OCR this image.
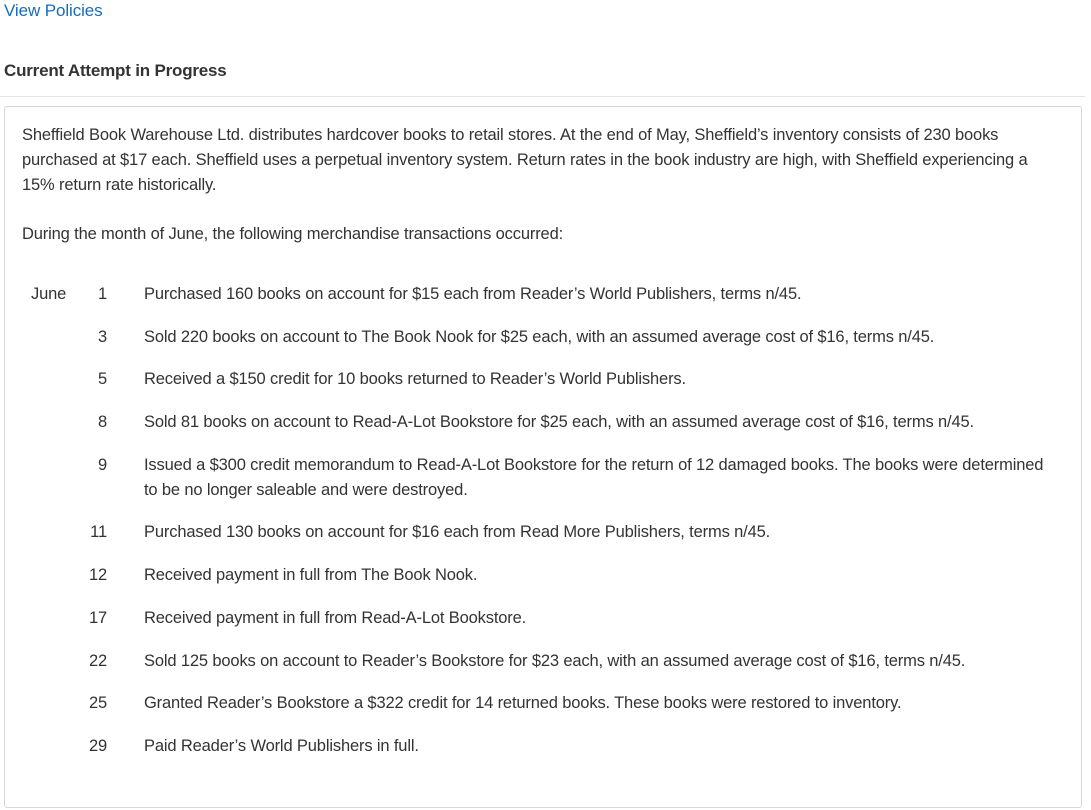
View Policies
Current Attempt in Progress
Sheffield Book Warehouse Ltd. distributes hardcover books to retail stores. At the end of May, Sheffield’s inventory consists of 230 books purchased at $17 each. Sheffield uses a perpetual inventory system. Return rates in the book industry are high, with Sheffield experiencing a 15% return rate historically.
During the month of June, the following merchandise transactions occurred:
June	1 Purchased 160 books on account for $15 each from Reader’s World Publishers, terms n/45.
3 Sold 220 books on account to The Book Nook for $25 each, with an assumed average cost of $16, terms n/45.
5 Received a $150 credit for 10 books returned to Reader’s World Publishers.
8 Sold 81 books on account to Read-A-Lot Bookstore for $25 each, with an assumed average cost of $16, terms n/45.
9 Issued a $300 credit memorandum to Read-A-Lot Bookstore for the return of 12 damaged books. The books were determined to be no longer saleable and were destroyed.
11 Purchased 130 books on account for $16 each from Read More Publishers, terms n/45.
12 Received payment in full from The Book Nook.
17 Received payment in full from Read-A-Lot Bookstore.
22 Sold 125 books on account to Reader’s Bookstore for $23 each, with an assumed average cost of $16, terms n/45.
25 Granted Reader’s Bookstore a $322 credit for 14 returned books. These books were restored to inventory.
29 Paid Reader’s World Publishers in full.
